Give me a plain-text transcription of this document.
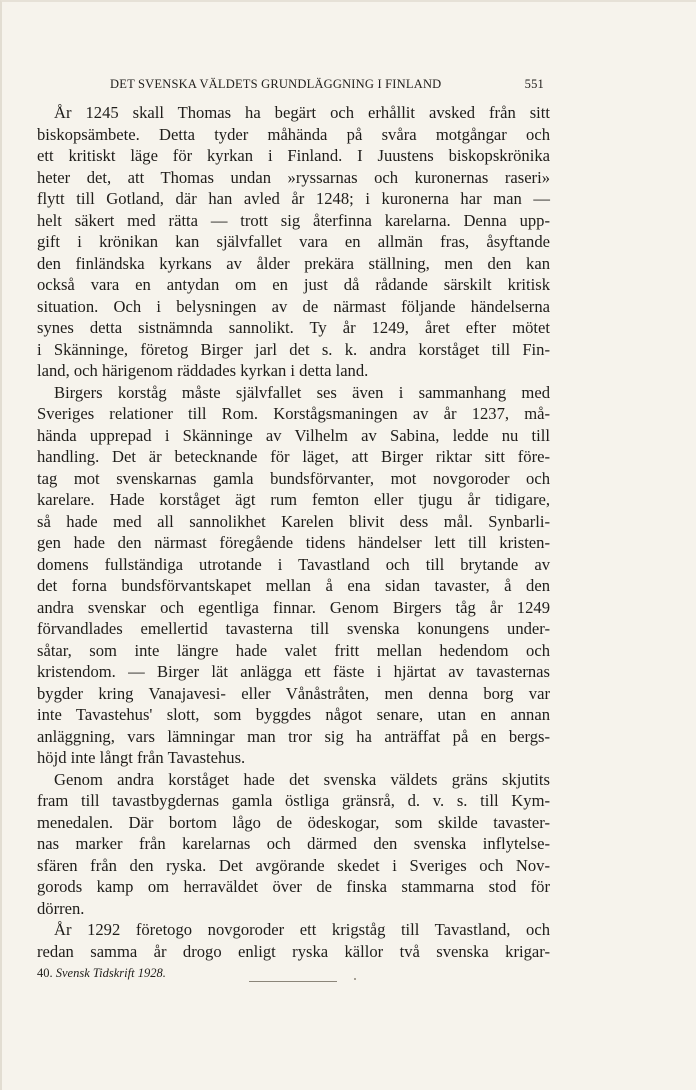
DET SVENSKA VÄLDETS GRUNDLÄGGNING I FINLAND	551
År 1245 skall Thomas ha begärt och erhållit avsked från sitt
biskopsämbete. Detta tyder måhända på svåra motgångar och
ett kritiskt läge för kyrkan i Finland. I Juustens biskopskrönika
heter det, att Thomas undan »ryssarnas och kuronernas raseri»
flytt till Gotland, där han avled år 1248; i kuronerna har man —
helt säkert med rätta — trott sig återfinna karelarna. Denna upp-
gift i krönikan kan självfallet vara en allmän fras, åsyftande
den finländska kyrkans av ålder prekära ställning, men den kan
också vara en antydan om en just då rådande särskilt kritisk
situation. Och i belysningen av de närmast följande händelserna
synes detta sistnämnda sannolikt. Ty år 1249, året efter mötet
i Skänninge, företog Birger jarl det s. k. andra korståget till Fin-
land, och härigenom räddades kyrkan i detta land.
Birgers korståg måste självfallet ses även i sammanhang med
Sveriges relationer till Rom. Korstågsmaningen av år 1237, må-
hända upprepad i Skänninge av Vilhelm av Sabina, ledde nu till
handling. Det är betecknande för läget, att Birger riktar sitt före-
tag mot svenskarnas gamla bundsförvanter, mot novgoroder och
karelare. Hade korståget ägt rum femton eller tjugu år tidigare,
så hade med all sannolikhet Karelen blivit dess mål. Synbarli-
gen hade den närmast föregående tidens händelser lett till kristen-
domens fullständiga utrotande i Tavastland och till brytande av
det forna bundsförvantskapet mellan å ena sidan tavaster, å den
andra svenskar och egentliga finnar. Genom Birgers tåg år 1249
förvandlades emellertid tavasterna till svenska konungens under-
såtar, som inte längre hade valet fritt mellan hedendom och
kristendom. — Birger lät anlägga ett fäste i hjärtat av tavasternas
bygder kring Vanajavesi- eller Vånåstråten, men denna borg var
inte Tavastehus' slott, som byggdes något senare, utan en annan
anläggning, vars lämningar man tror sig ha anträffat på en bergs-
höjd inte långt från Tavastehus.
Genom andra korståget hade det svenska väldets gräns skjutits
fram till tavastbygdernas gamla östliga gränsrå, d. v. s. till Kym-
menedalen. Där bortom lågo de ödeskogar, som skilde tavaster-
nas marker från karelarnas och därmed den svenska inflytelse-
sfären från den ryska. Det avgörande skedet i Sveriges och Nov-
gorods kamp om herraväldet över de finska stammarna stod för
dörren.
År 1292 företogo novgoroder ett krigståg till Tavastland, och
redan samma år drogo enligt ryska källor två svenska krigar-
40. Svensk Tidskrift 1928.
